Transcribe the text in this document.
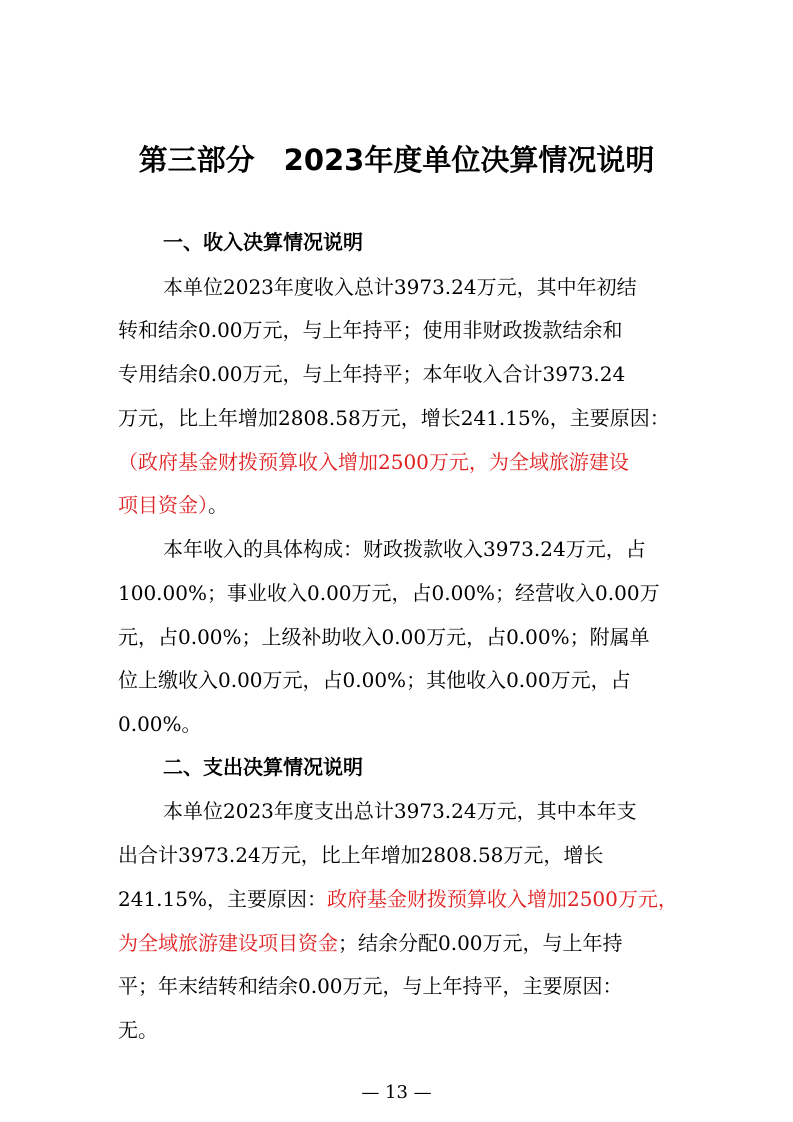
第三部分　2023年度单位决算情况说明
一、收入决算情况说明
本单位2023年度收入总计3973.24万元，其中年初结
转和结余0.00万元，与上年持平；使用非财政拨款结余和
专用结余0.00万元，与上年持平；本年收入合计3973.24
万元，比上年增加2808.58万元，增长241.15%，主要原因：
（政府基金财拨预算收入增加2500万元，为全域旅游建设
项目资金）。
本年收入的具体构成：财政拨款收入3973.24万元，占
100.00%；事业收入0.00万元，占0.00%；经营收入0.00万
元，占0.00%；上级补助收入0.00万元，占0.00%；附属单
位上缴收入0.00万元，占0.00%；其他收入0.00万元，占
0.00%。
二、支出决算情况说明
本单位2023年度支出总计3973.24万元，其中本年支
出合计3973.24万元，比上年增加2808.58万元，增长
241.15%，主要原因：政府基金财拨预算收入增加2500万元，
为全域旅游建设项目资金；结余分配0.00万元，与上年持
平；年末结转和结余0.00万元，与上年持平，主要原因：
无。
— 13 —
